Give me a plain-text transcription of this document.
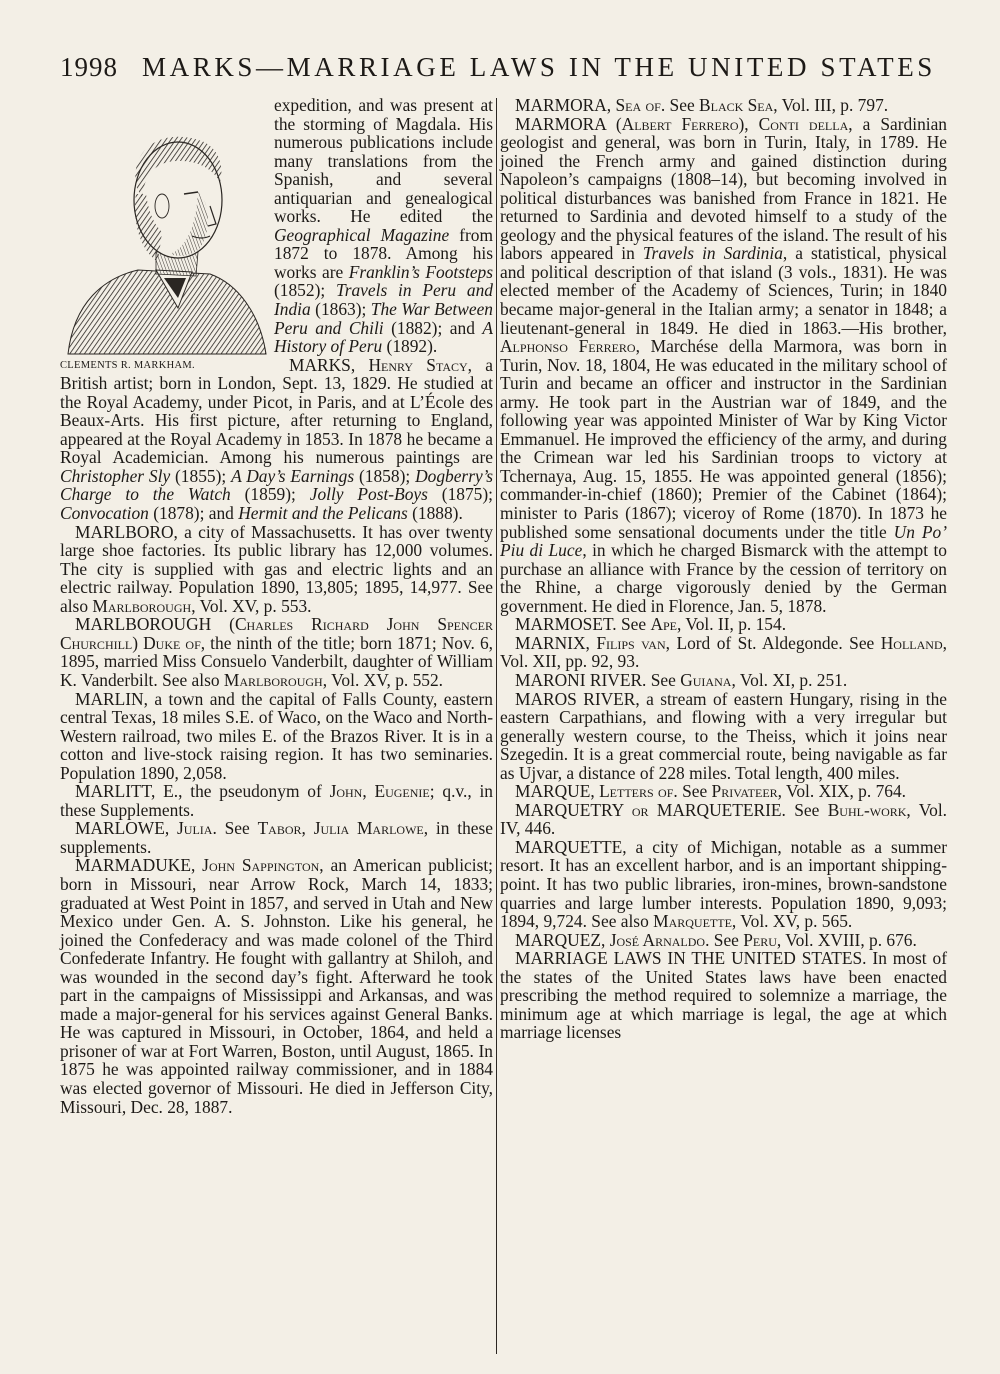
1998 MARKS—MARRIAGE LAWS IN THE UNITED STATES

CLEMENTS R. MARKHAM.
expedition, and was present at the storming of Magdala. His numerous publications include many translations from the Spanish, and several antiquarian and genealogical works. He edited the Geographical Magazine from 1872 to 1878. Among his works are Franklin’s Footsteps (1852); Travels in Peru and India (1863); The War Between Peru and Chili (1882); and A History of Peru (1892).

MARKS, Henry Stacy, a British artist; born in London, Sept. 13, 1829. He studied at the Royal Academy, under Picot, in Paris, and at L’École des Beaux-Arts. His first picture, after returning to England, appeared at the Royal Academy in 1853. In 1878 he became a Royal Academician. Among his numerous paintings are Christopher Sly (1855); A Day’s Earnings (1858); Dogberry’s Charge to the Watch (1859); Jolly Post-Boys (1875); Convocation (1878); and Hermit and the Pelicans (1888).

MARLBORO, a city of Massachusetts. It has over twenty large shoe factories. Its public library has 12,000 volumes. The city is supplied with gas and electric lights and an electric railway. Population 1890, 13,805; 1895, 14,977. See also Marlborough, Vol. XV, p. 553.

MARLBOROUGH (Charles Richard John Spencer Churchill) Duke of, the ninth of the title; born 1871; Nov. 6, 1895, married Miss Consuelo Vanderbilt, daughter of William K. Vanderbilt. See also Marlborough, Vol. XV, p. 552.

MARLIN, a town and the capital of Falls County, eastern central Texas, 18 miles S.E. of Waco, on the Waco and North-Western railroad, two miles E. of the Brazos River. It is in a cotton and live-stock raising region. It has two seminaries. Population 1890, 2,058.

MARLITT, E., the pseudonym of John, Eugenie; q.v., in these Supplements.

MARLOWE, Julia. See Tabor, Julia Marlowe, in these supplements.

MARMADUKE, John Sappington, an American publicist; born in Missouri, near Arrow Rock, March 14, 1833; graduated at West Point in 1857, and served in Utah and New Mexico under Gen. A. S. Johnston. Like his general, he joined the Confederacy and was made colonel of the Third Confederate Infantry. He fought with gallantry at Shiloh, and was wounded in the second day’s fight. Afterward he took part in the campaigns of Mississippi and Arkansas, and was made a major-general for his services against General Banks. He was captured in Missouri, in October, 1864, and held a prisoner of war at Fort Warren, Boston, until August, 1865. In 1875 he was appointed railway commissioner, and in 1884 was elected governor of Missouri. He died in Jefferson City, Missouri, Dec. 28, 1887.

MARMORA, Sea of. See Black Sea, Vol. III, p. 797.

MARMORA (Albert Ferrero), Conti della, a Sardinian geologist and general, was born in Turin, Italy, in 1789. He joined the French army and gained distinction during Napoleon’s campaigns (1808–14), but becoming involved in political disturbances was banished from France in 1821. He returned to Sardinia and devoted himself to a study of the geology and the physical features of the island. The result of his labors appeared in Travels in Sardinia, a statistical, physical and political description of that island (3 vols., 1831). He was elected member of the Academy of Sciences, Turin; in 1840 became major-general in the Italian army; a senator in 1848; a lieutenant-general in 1849. He died in 1863.—His brother, Alphonso Ferrero, Marchése della Marmora, was born in Turin, Nov. 18, 1804, He was educated in the military school of Turin and became an officer and instructor in the Sardinian army. He took part in the Austrian war of 1849, and the following year was appointed Minister of War by King Victor Emmanuel. He improved the efficiency of the army, and during the Crimean war led his Sardinian troops to victory at Tchernaya, Aug. 15, 1855. He was appointed general (1856); commander-in-chief (1860); Premier of the Cabinet (1864); minister to Paris (1867); viceroy of Rome (1870). In 1873 he published some sensational documents under the title Un Po’ Piu di Luce, in which he charged Bismarck with the attempt to purchase an alliance with France by the cession of territory on the Rhine, a charge vigorously denied by the German government. He died in Florence, Jan. 5, 1878.

MARMOSET. See Ape, Vol. II, p. 154.

MARNIX, Filips van, Lord of St. Aldegonde. See Holland, Vol. XII, pp. 92, 93.

MARONI RIVER. See Guiana, Vol. XI, p. 251.

MAROS RIVER, a stream of eastern Hungary, rising in the eastern Carpathians, and flowing with a very irregular but generally western course, to the Theiss, which it joins near Szegedin. It is a great commercial route, being navigable as far as Ujvar, a distance of 228 miles. Total length, 400 miles.

MARQUE, Letters of. See Privateer, Vol. XIX, p. 764.

MARQUETRY or MARQUETERIE. See Buhl-work, Vol. IV, 446.

MARQUETTE, a city of Michigan, notable as a summer resort. It has an excellent harbor, and is an important shipping-point. It has two public libraries, iron-mines, brown-sandstone quarries and large lumber interests. Population 1890, 9,093; 1894, 9,724. See also Marquette, Vol. XV, p. 565.

MARQUEZ, José Arnaldo. See Peru, Vol. XVIII, p. 676.

MARRIAGE LAWS IN THE UNITED STATES. In most of the states of the United States laws have been enacted prescribing the method required to solemnize a marriage, the minimum age at which marriage is legal, the age at which marriage licenses
